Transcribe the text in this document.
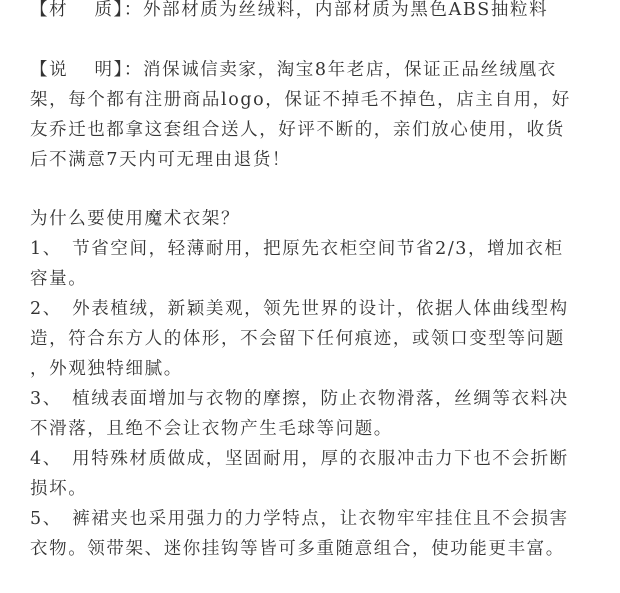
【材　 质】：外部材质为丝绒料，内部材质为黑色ABS抽粒料
【说　 明】：消保诚信卖家，淘宝8年老店，保证正品丝绒凰衣
架，每个都有注册商品logo，保证不掉毛不掉色，店主自用，好
友乔迁也都拿这套组合送人，好评不断的，亲们放心使用，收货
后不满意7天内可无理由退货！
为什么要使用魔术衣架？
1、　节省空间，轻薄耐用，把原先衣柜空间节省2/3，增加衣柜
容量。
2、　外表植绒，新颖美观，领先世界的设计，依据人体曲线型构
造，符合东方人的体形，不会留下任何痕迹，或领口变型等问题
，外观独特细腻。
3、　植绒表面增加与衣物的摩擦，防止衣物滑落，丝绸等衣料决
不滑落，且绝不会让衣物产生毛球等问题。
4、　用特殊材质做成，坚固耐用，厚的衣服冲击力下也不会折断
损坏。
5、　裤裙夹也采用强力的力学特点，让衣物牢牢挂住且不会损害
衣物。领带架、迷你挂钩等皆可多重随意组合，使功能更丰富。
